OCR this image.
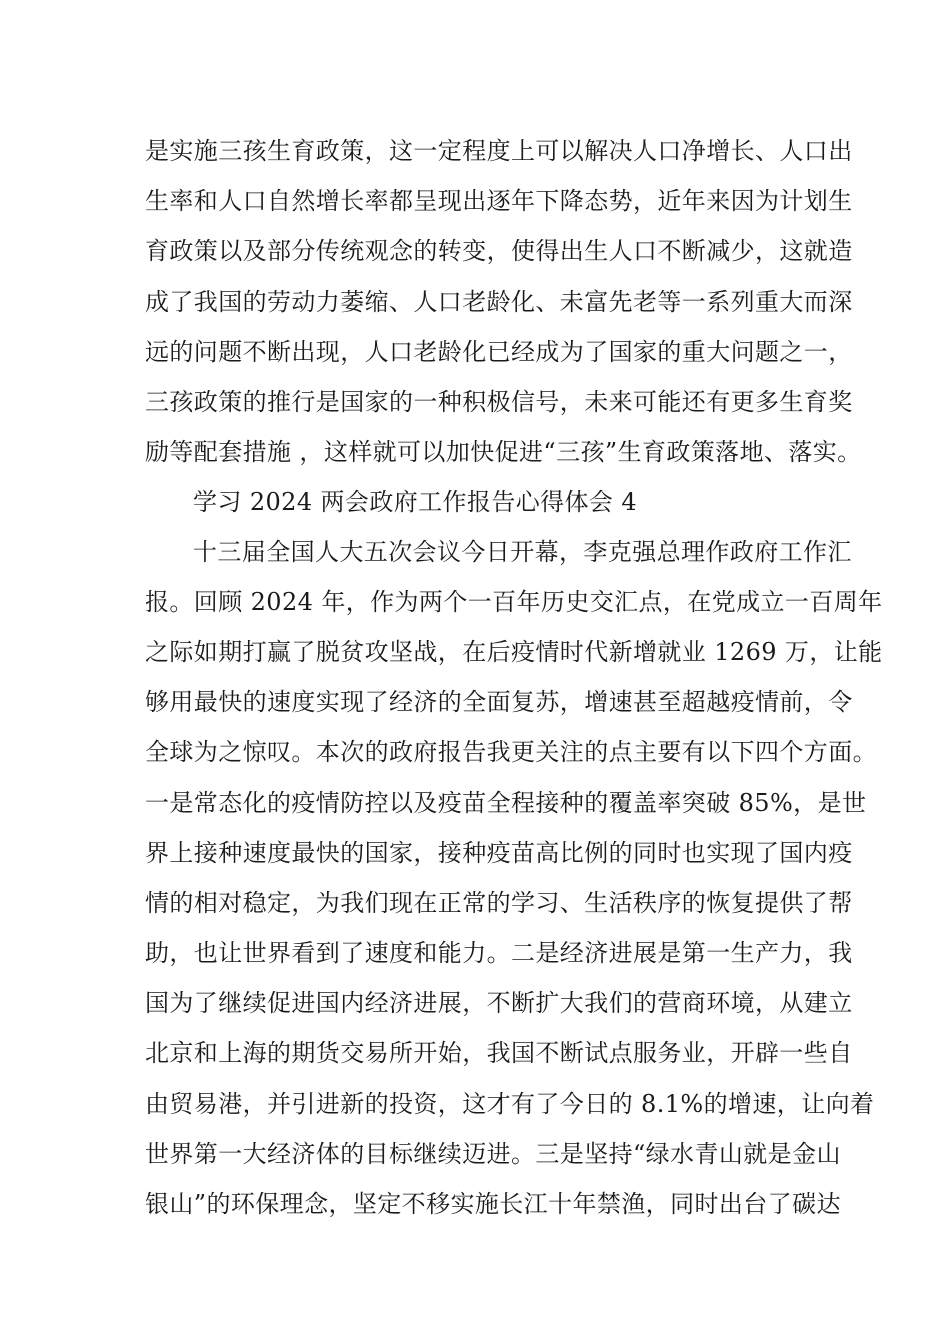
是实施三孩生育政策，这一定程度上可以解决人口净增长、人口出
生率和人口自然增长率都呈现出逐年下降态势，近年来因为计划生
育政策以及部分传统观念的转变，使得出生人口不断减少，这就造
成了我国的劳动力萎缩、人口老龄化、未富先老等一系列重大而深
远的问题不断出现，人口老龄化已经成为了国家的重大问题之一，
三孩政策的推行是国家的一种积极信号，未来可能还有更多生育奖
励等配套措施 ，这样就可以加快促进“三孩”生育政策落地、落实。
学习 2024 两会政府工作报告心得体会 4
十三届全国人大五次会议今日开幕，李克强总理作政府工作汇
报。回顾 2024 年，作为两个一百年历史交汇点，在党成立一百周年
之际如期打赢了脱贫攻坚战，在后疫情时代新增就业 1269 万，让能
够用最快的速度实现了经济的全面复苏，增速甚至超越疫情前，令
全球为之惊叹。本次的政府报告我更关注的点主要有以下四个方面。
一是常态化的疫情防控以及疫苗全程接种的覆盖率突破 85%，是世
界上接种速度最快的国家，接种疫苗高比例的同时也实现了国内疫
情的相对稳定，为我们现在正常的学习、生活秩序的恢复提供了帮
助，也让世界看到了速度和能力。二是经济进展是第一生产力，我
国为了继续促进国内经济进展，不断扩大我们的营商环境，从建立
北京和上海的期货交易所开始，我国不断试点服务业，开辟一些自
由贸易港，并引进新的投资，这才有了今日的 8.1%的增速，让向着
世界第一大经济体的目标继续迈进。三是坚持“绿水青山就是金山
银山”的环保理念，坚定不移实施长江十年禁渔，同时出台了碳达
